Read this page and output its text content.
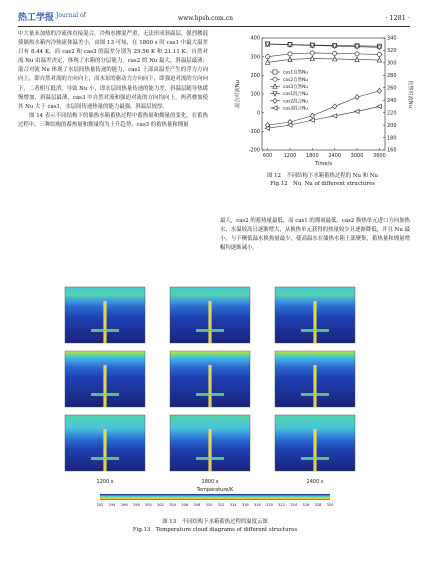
热工学报 Journal of	www.hpsh.com.cn	· 1281 ·

中大量未加热的冷流体直接混合，冷热水掺混严重，无法形成斜温层，强烈掺混使储热水箱内冷热流体温差小，由图 13 可知，在 1800 s 时 cas1 中最大温差只有 8.44 K，而 cas2 和 cas3 的温差分别为 29.56 K 和 21.11 K。自然对流 Nu 由温差决定，体现了水箱的分层能力，cas2 的 Nu 最大，斜温层最薄；混合对流 Nu 体现了水层间热量传递的能力，cas1 上部由温差产生的浮力方向向上，即自然对流的方向向上，而水泵的驱动力方向向下，即强迫对流的方向向下，二者相互抵消，导致 Nu 小，即水层间热量传递的能力差，斜温层随导热缓慢增加，斜温层最薄，cas3 中自然对流和强迫对流的方向均向上，两者叠加使其 Nu 大于 cas1，水层间传递热量的能力最强，斜温层较厚。

图 14 表示不同结构下的储热水箱蓄热过程中蓄热量和㶲量的变化。在蓄热过程中，三种结构的蓄热量和㶲量均为上升趋势，cas3 的蓄热量和㶲量

-200
-100
0
100
200
300
400
160
180
200
220
240
260
280
300
320
340
600 1200 1800 2400 3000 3600
Time/s
混合对流Nu	自然对流Nu
cas1自然Nu
cas2自然Nu
cas3自然Nu
cas1混合Nu
cas2混合Nu
cas3混合Nu
图 12　不同结构下水箱蓄热过程的 Nu 和 Nu
Fig.12　Nu, Nu of different structures

最大，cas2 的蓄热量最低，而 cas1 的㶲量最低。cas2 换热单元进口方向加热水，水温较高且逐渐增大，从换热单元获得的热量较少且逐渐降低，并且 Nu 最小，与下侧低温水换热量最少，使高温水在储热水箱上部聚集，蓄热量和㶲量增幅均逐渐减小。

1200 s	1800 s	2400 s
Temperature/K
292 294 296 298 300 302 304 306 308 310 312 314 316 318 320 322 324 326 328 330
图 13　不同结构下水箱蓄热过程的温度云图
Fig.13　Temperature cloud diagrams of different structures
